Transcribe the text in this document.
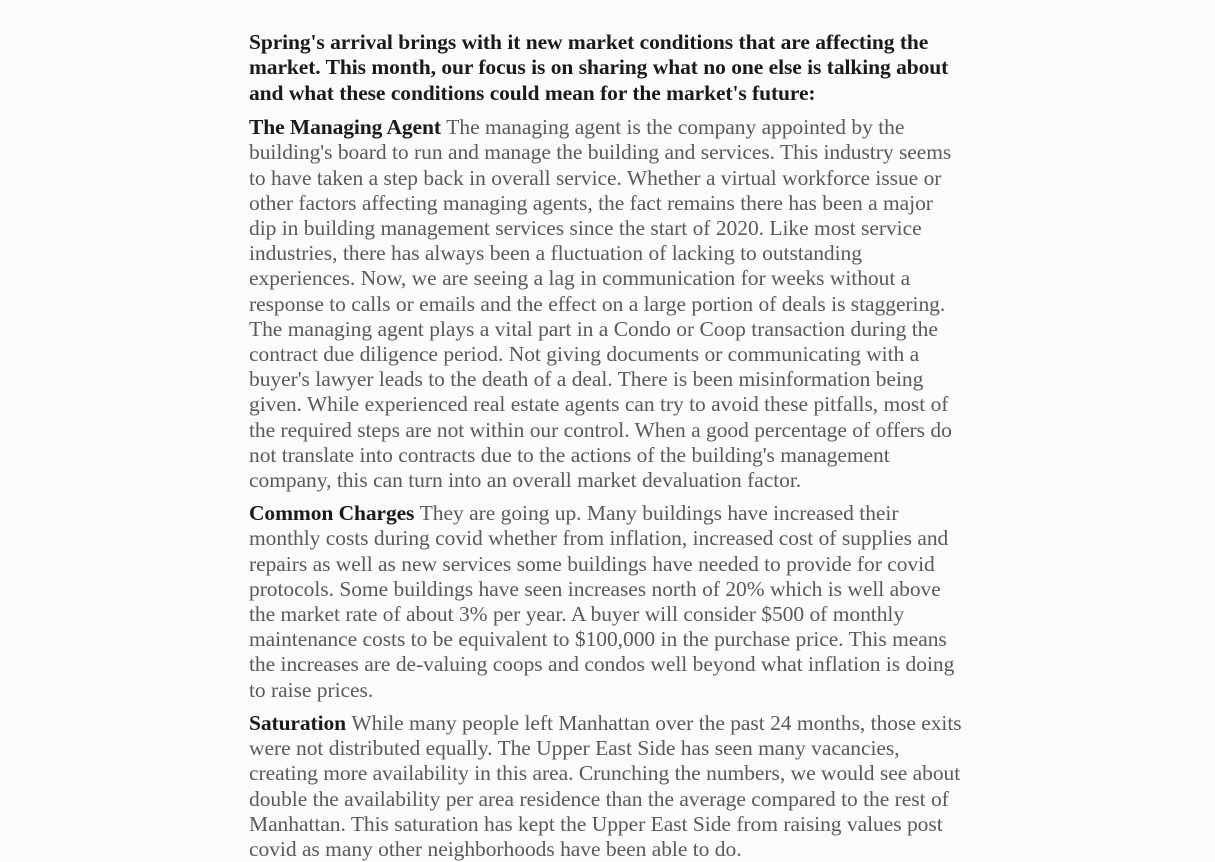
Spring's arrival brings with it new market conditions that are affecting the market. This month, our focus is on sharing what no one else is talking about and what these conditions could mean for the market's future:

The Managing Agent The managing agent is the company appointed by the building's board to run and manage the building and services. This industry seems to have taken a step back in overall service. Whether a virtual workforce issue or other factors affecting managing agents, the fact remains there has been a major dip in building management services since the start of 2020. Like most service industries, there has always been a fluctuation of lacking to outstanding experiences. Now, we are seeing a lag in communication for weeks without a response to calls or emails and the effect on a large portion of deals is staggering. The managing agent plays a vital part in a Condo or Coop transaction during the contract due diligence period. Not giving documents or communicating with a buyer's lawyer leads to the death of a deal. There is been misinformation being given. While experienced real estate agents can try to avoid these pitfalls, most of the required steps are not within our control. When a good percentage of offers do not translate into contracts due to the actions of the building's management company, this can turn into an overall market devaluation factor.

Common Charges They are going up. Many buildings have increased their monthly costs during covid whether from inflation, increased cost of supplies and repairs as well as new services some buildings have needed to provide for covid protocols. Some buildings have seen increases north of 20% which is well above the market rate of about 3% per year. A buyer will consider $500 of monthly maintenance costs to be equivalent to $100,000 in the purchase price. This means the increases are de-valuing coops and condos well beyond what inflation is doing to raise prices.

Saturation While many people left Manhattan over the past 24 months, those exits were not distributed equally. The Upper East Side has seen many vacancies, creating more availability in this area. Crunching the numbers, we would see about double the availability per area residence than the average compared to the rest of Manhattan. This saturation has kept the Upper East Side from raising values post covid as many other neighborhoods have been able to do.
